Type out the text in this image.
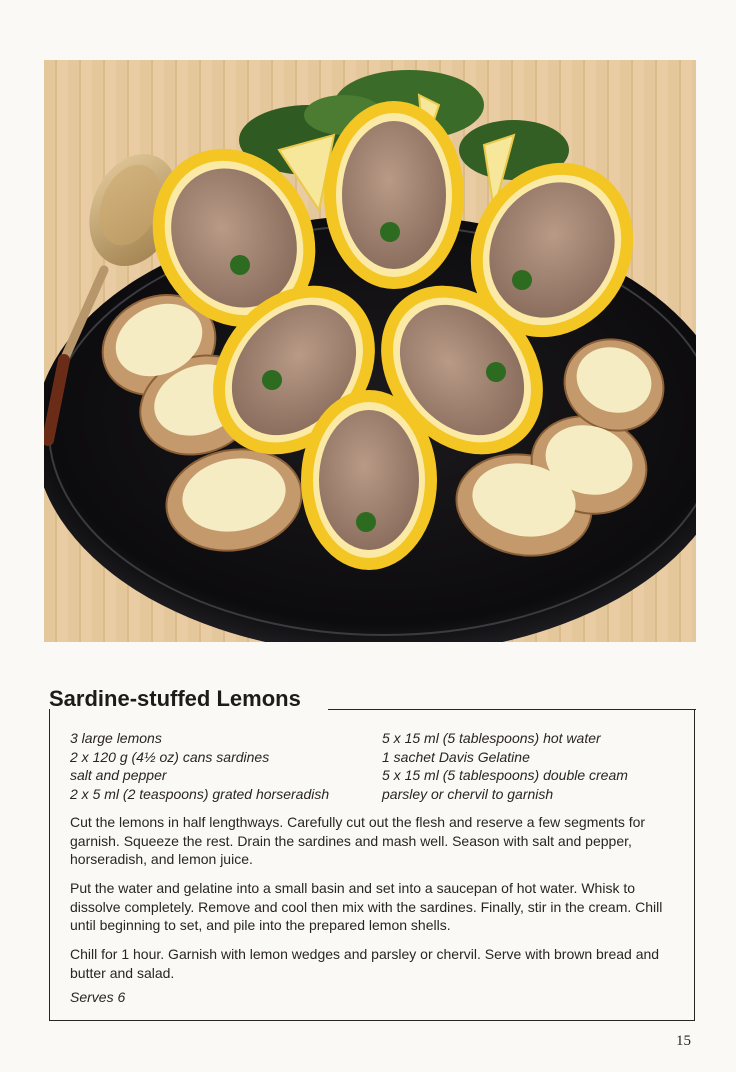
Sardine-stuffed Lemons
3 large lemons
2 x 120 g (4½ oz) cans sardines
salt and pepper
2 x 5 ml (2 teaspoons) grated horseradish
5 x 15 ml (5 tablespoons) hot water
1 sachet Davis Gelatine
5 x 15 ml (5 tablespoons) double cream
parsley or chervil to garnish
Cut the lemons in half lengthways. Carefully cut out the flesh and reserve a few segments for garnish. Squeeze the rest. Drain the sardines and mash well. Season with salt and pepper, horseradish, and lemon juice.
Put the water and gelatine into a small basin and set into a saucepan of hot water. Whisk to dissolve completely. Remove and cool then mix with the sardines. Finally, stir in the cream. Chill until beginning to set, and pile into the prepared lemon shells.
Chill for 1 hour. Garnish with lemon wedges and parsley or chervil. Serve with brown bread and butter and salad.
Serves 6
15
